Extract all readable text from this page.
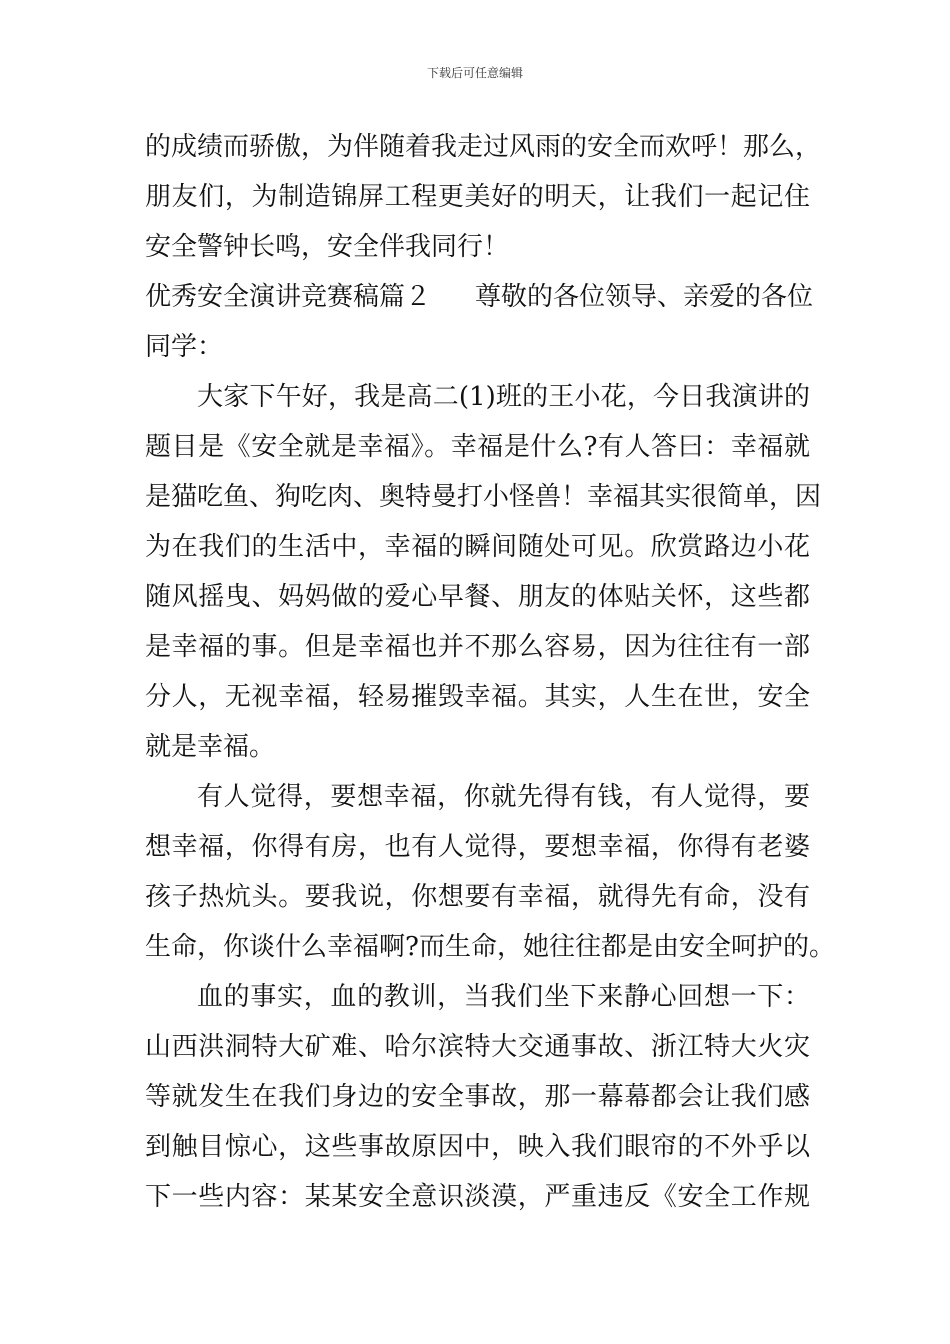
下载后可任意编辑
的成绩而骄傲，为伴随着我走过风雨的安全而欢呼！那么，
朋友们，为制造锦屏工程更美好的明天，让我们一起记住
安全警钟长鸣，安全伴我同行！
优秀安全演讲竞赛稿篇２ 尊敬的各位领导、亲爱的各位
同学：
大家下午好，我是高二(1)班的王小花，今日我演讲的
题目是《安全就是幸福》。幸福是什么?有人答曰：幸福就
是猫吃鱼、狗吃肉、奥特曼打小怪兽！幸福其实很简单，因
为在我们的生活中，幸福的瞬间随处可见。欣赏路边小花
随风摇曳、妈妈做的爱心早餐、朋友的体贴关怀，这些都
是幸福的事。但是幸福也并不那么容易，因为往往有一部
分人，无视幸福，轻易摧毁幸福。其实，人生在世，安全
就是幸福。
有人觉得，要想幸福，你就先得有钱，有人觉得，要
想幸福，你得有房，也有人觉得，要想幸福，你得有老婆
孩子热炕头。要我说，你想要有幸福，就得先有命，没有
生命，你谈什么幸福啊?而生命，她往往都是由安全呵护的。
血的事实，血的教训，当我们坐下来静心回想一下：
山西洪洞特大矿难、哈尔滨特大交通事故、浙江特大火灾
等就发生在我们身边的安全事故，那一幕幕都会让我们感
到触目惊心，这些事故原因中，映入我们眼帘的不外乎以
下一些内容：某某安全意识淡漠，严重违反《安全工作规
